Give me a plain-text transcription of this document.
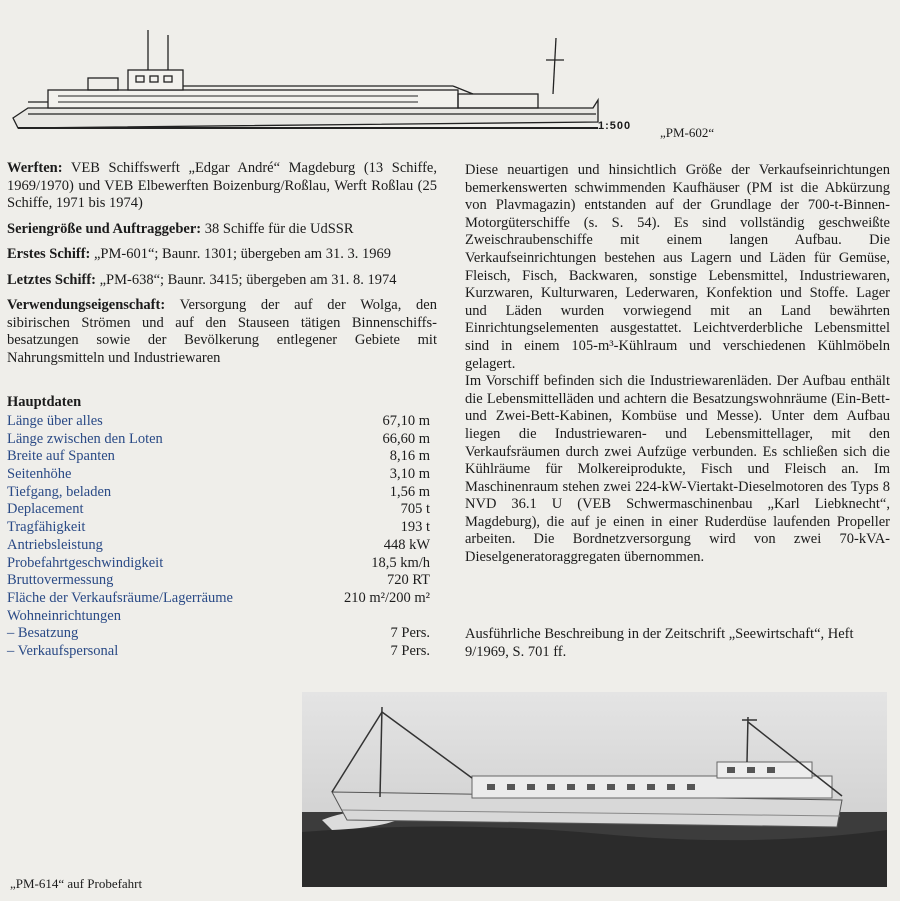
1:500 „PM-602“

Werften: VEB Schiffswerft „Edgar André“ Magdeburg (13 Schiffe, 1969/1970) und VEB Elbewerften Boizenburg/Roßlau, Werft Roßlau (25 Schiffe, 1971 bis 1974)

Seriengröße und Auftraggeber: 38 Schiffe für die UdSSR

Erstes Schiff: „PM-601“; Baunr. 1301; übergeben am 31. 3. 1969

Letztes Schiff: „PM-638“; Baunr. 3415; übergeben am 31. 8. 1974

Verwendungseigenschaft: Versorgung der auf der Wolga, den sibirischen Strömen und auf den Stauseen tätigen Binnenschiffs-besatzungen sowie der Bevölkerung entlegener Gebiete mit Nahrungsmitteln und Industriewaren

Hauptdaten
Länge über alles	67,10 m
Länge zwischen den Loten	66,60 m
Breite auf Spanten	8,16 m
Seitenhöhe	3,10 m
Tiefgang, beladen	1,56 m
Deplacement	705 t
Tragfähigkeit	193 t
Antriebsleistung	448 kW
Probefahrtgeschwindigkeit	18,5 km/h
Bruttovermessung	720 RT
Fläche der Verkaufsräume/Lagerräume	210 m²/200 m²
Wohneinrichtungen
– Besatzung	7 Pers.
– Verkaufspersonal	7 Pers.

Diese neuartigen und hinsichtlich Größe der Verkaufseinrichtungen bemerkenswerten schwimmenden Kaufhäuser (PM ist die Abkürzung von Plavmagazin) entstanden auf der Grundlage der 700-t-Binnen-Motorgüterschiffe (s. S. 54). Es sind vollständig geschweißte Zweischraubenschiffe mit einem langen Aufbau. Die Verkaufseinrichtungen bestehen aus Lagern und Läden für Gemüse, Fleisch, Fisch, Backwaren, sonstige Lebensmittel, Industriewaren, Kurzwaren, Kulturwaren, Lederwaren, Konfektion und Stoffe. Lager und Läden wurden vorwiegend mit an Land bewährten Einrichtungselementen ausgestattet. Leichtverderbliche Lebensmittel sind in einem 105-m³-Kühlraum und verschiedenen Kühlmöbeln gelagert.

Im Vorschiff befinden sich die Industriewarenläden. Der Aufbau enthält die Lebensmittelläden und achtern die Besatzungswohnräume (Ein-Bett- und Zwei-Bett-Kabinen, Kombüse und Messe). Unter dem Aufbau liegen die Industriewaren- und Lebensmittellager, mit den Verkaufsräumen durch zwei Aufzüge verbunden. Es schließen sich die Kühlräume für Molkereiprodukte, Fisch und Fleisch an. Im Maschinenraum stehen zwei 224-kW-Viertakt-Dieselmotoren des Typs 8 NVD 36.1 U (VEB Schwermaschinenbau „Karl Liebknecht“, Magdeburg), die auf je einen in einer Ruderdüse laufenden Propeller arbeiten. Die Bordnetzversorgung wird von zwei 70-kVA-Dieselgeneratoraggregaten übernommen.

Ausführliche Beschreibung in der Zeitschrift „Seewirtschaft“, Heft 9/1969, S. 701 ff.
„PM-614“ auf Probefahrt
